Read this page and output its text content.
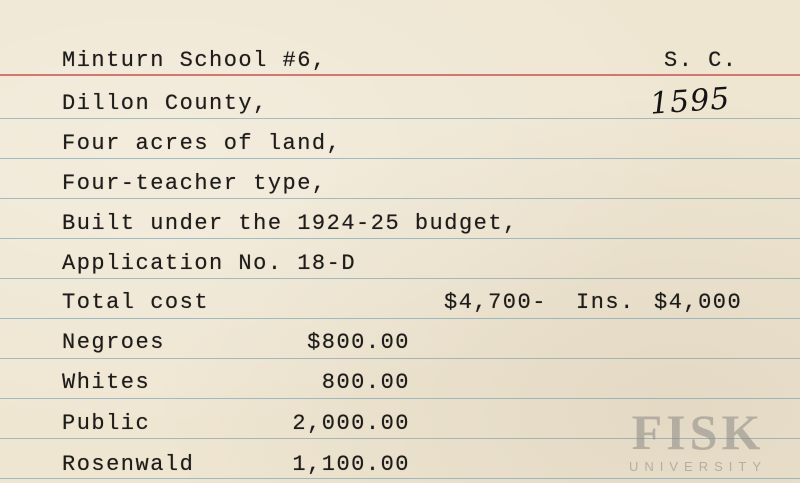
Minturn School #6,	S. C.
1595
Dillon County,
Four acres of land,
Four-teacher type,
Built under the 1924-25 budget,
Application No. 18-D
Total cost	$4,700- Ins. $4,000
Negroes	$800.00
Whites	800.00
Public	2,000.00
Rosenwald	1,100.00
FISK
UNIVERSITY
